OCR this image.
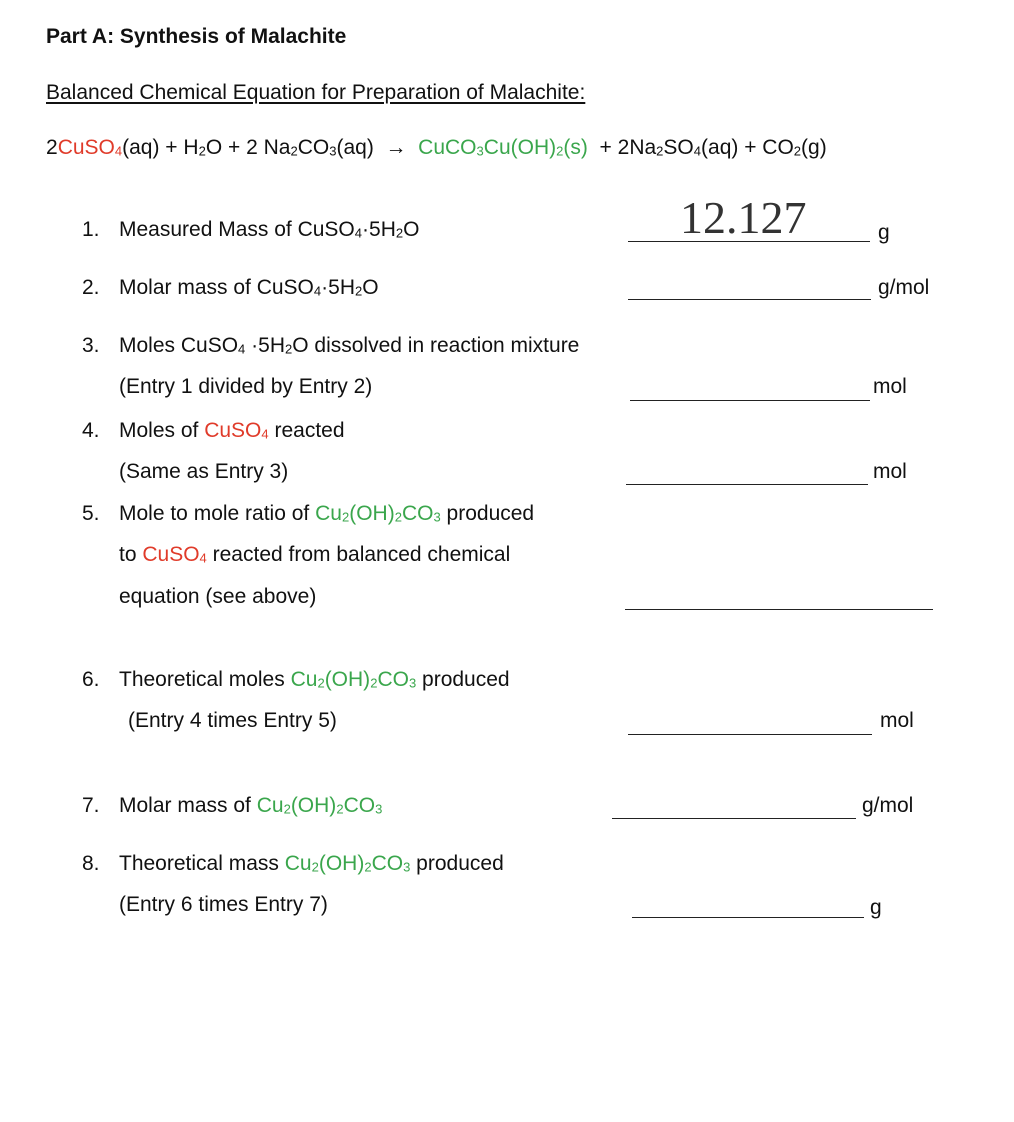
Part A: Synthesis of Malachite
Balanced Chemical Equation for Preparation of Malachite:
2CuSO$_4$(aq) + $H_2O + 2$ $Na_2CO_3(aq)$ → $CuCO_3Cu(OH)_2(s) + 2Na_2SO_4(aq) + CO_2(g)$
1. Measured Mass of $CuSO_4\cdot 5H_2O$	12.127	g
2. Molar mass of $CuSO_4\cdot 5H_2O$	g/mol
3. Moles CuSO$_4$ $\cdot 5H_2O$ dissolved in reaction mixture
(Entry 1 divided by Entry 2)	mol
4. Moles of CuSO$_4$ reacted
(Same as Entry 3)	mol
5. Mole to mole ratio of $Cu_2(OH)_2CO_3$ produced
to CuSO$_4$ reacted from balanced chemical
equation (see above)
6. Theoretical moles $Cu_2(OH)_2CO_3$ produced
(Entry 4 times Entry 5)	mol
7. Molar mass of $Cu_2(OH)_2CO_3$	g/mol
8. Theoretical mass $Cu_2(OH)_2CO_3$ produced
(Entry 6 times Entry 7)	g
